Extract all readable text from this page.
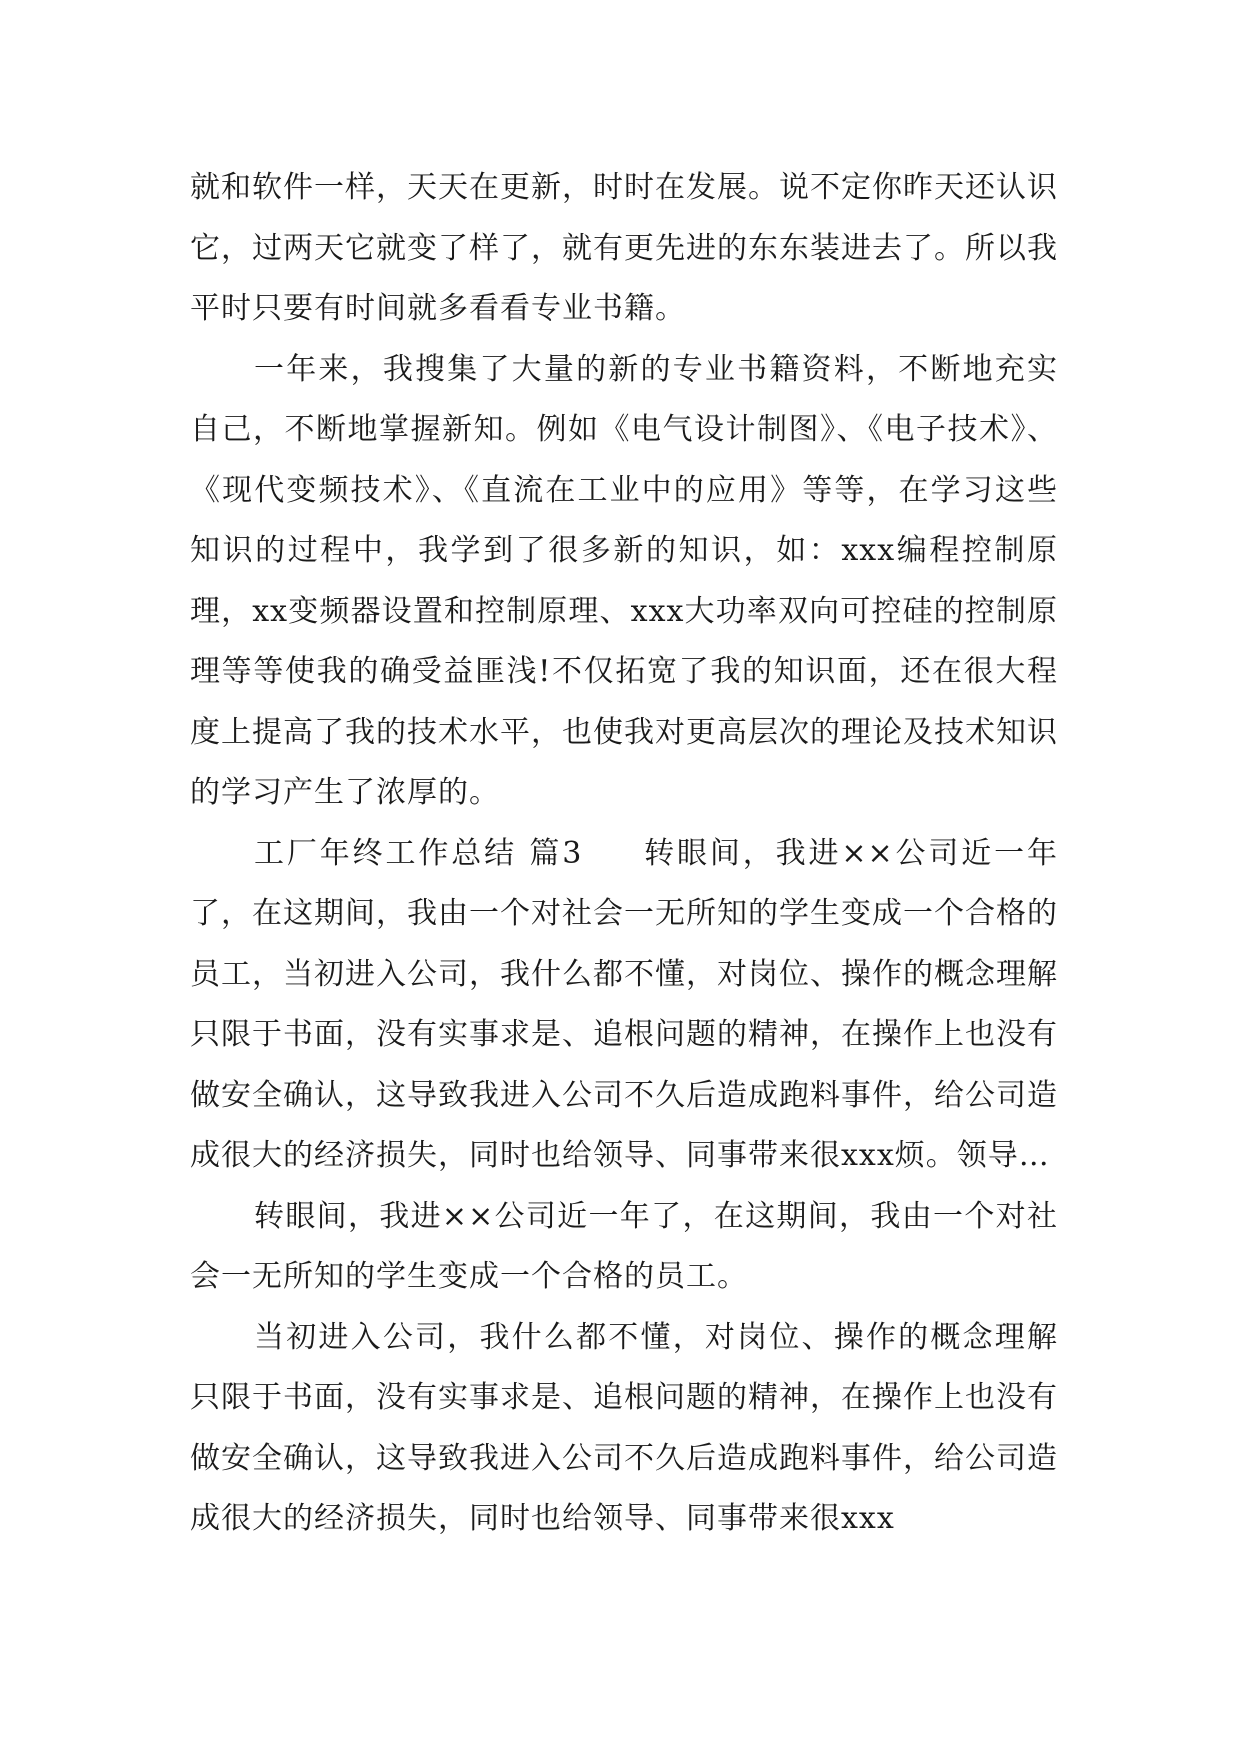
就和软件一样，天天在更新，时时在发展。说不定你昨天还认识它，过两天它就变了样了，就有更先进的东东装进去了。所以我平时只要有时间就多看看专业书籍。

一年来，我搜集了大量的新的专业书籍资料，不断地充实自己，不断地掌握新知。例如《电气设计制图》、《电子技术》、《现代变频技术》、《直流在工业中的应用》等等，在学习这些知识的过程中，我学到了很多新的知识，如：xxx编程控制原理，xx变频器设置和控制原理、xxx大功率双向可控硅的控制原理等等使我的确受益匪浅!不仅拓宽了我的知识面，还在很大程度上提高了我的技术水平，也使我对更高层次的理论及技术知识的学习产生了浓厚的。

工厂年终工作总结 篇3 转眼间，我进××公司近一年了，在这期间，我由一个对社会一无所知的学生变成一个合格的员工，当初进入公司，我什么都不懂，对岗位、操作的概念理解只限于书面，没有实事求是、追根问题的精神，在操作上也没有做安全确认，这导致我进入公司不久后造成跑料事件，给公司造成很大的经济损失，同时也给领导、同事带来很xxx烦。领导…

转眼间，我进××公司近一年了，在这期间，我由一个对社会一无所知的学生变成一个合格的员工。

当初进入公司，我什么都不懂，对岗位、操作的概念理解只限于书面，没有实事求是、追根问题的精神，在操作上也没有做安全确认，这导致我进入公司不久后造成跑料事件，给公司造成很大的经济损失，同时也给领导、同事带来很xxx
